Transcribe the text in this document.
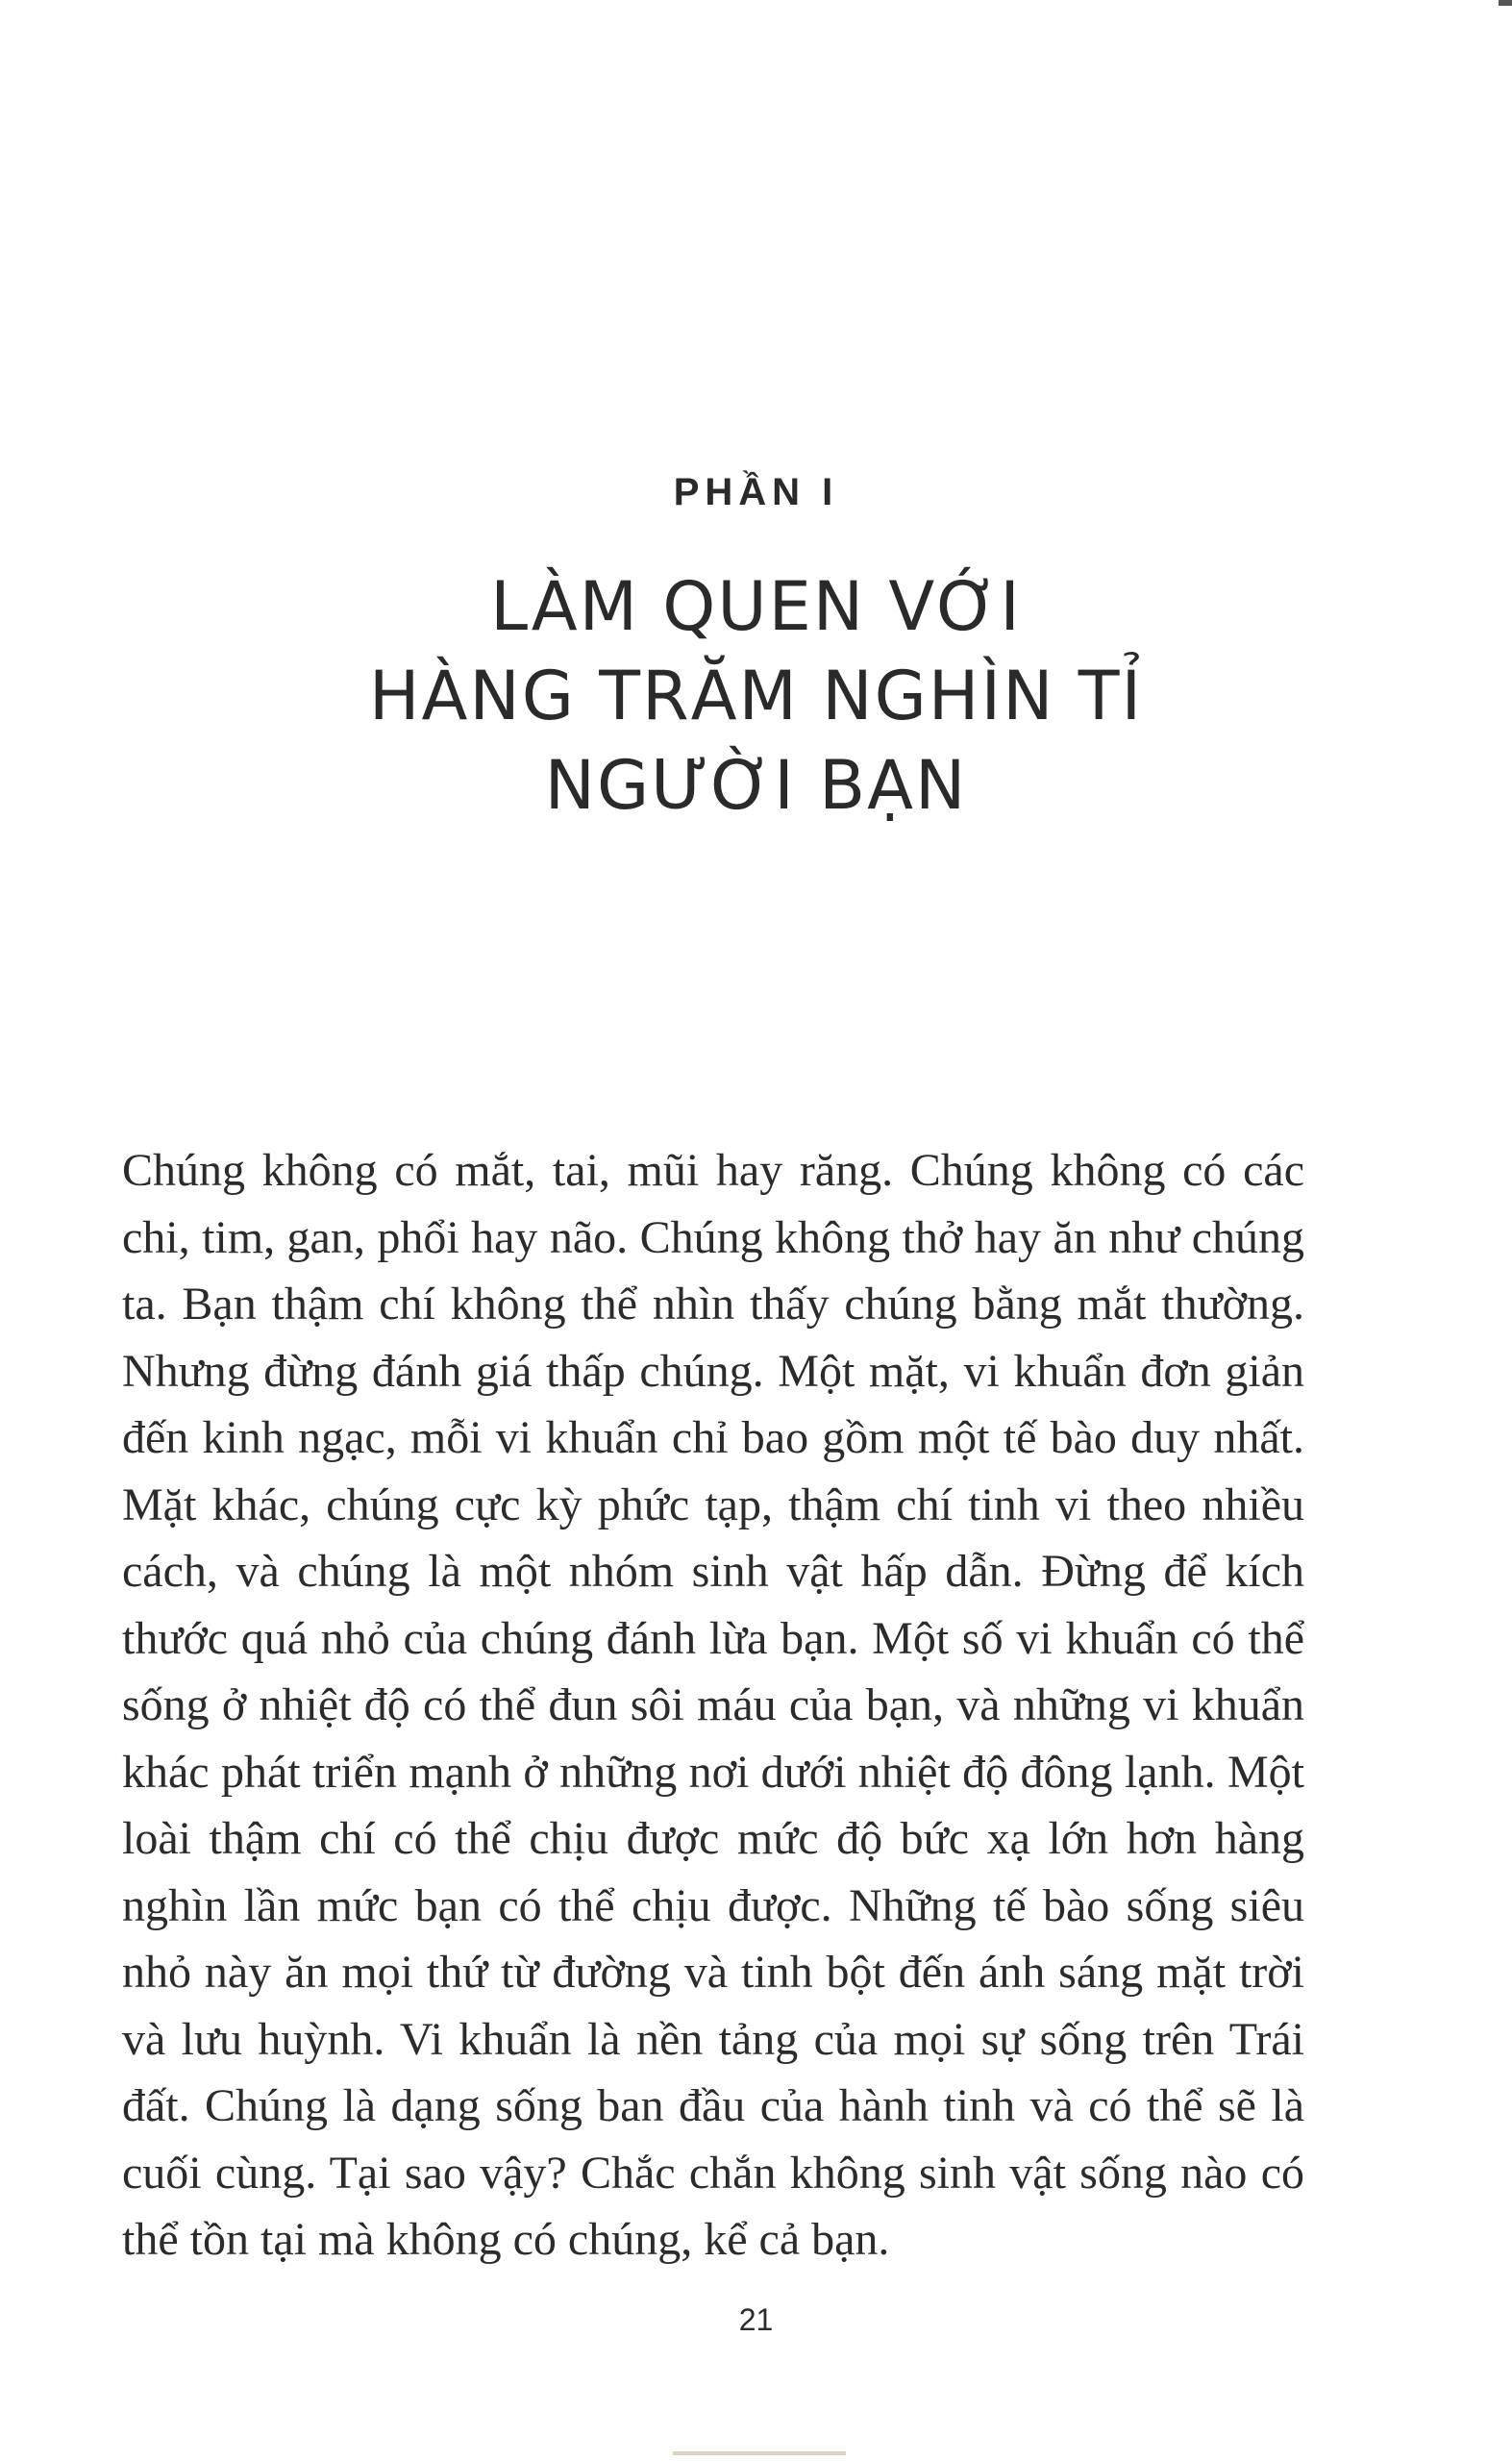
PHẦN I
LÀM QUEN VỚI
HÀNG TRĂM NGHÌN TỈ
NGƯỜI BẠN

Chúng không có mắt, tai, mũi hay răng. Chúng không có các chi, tim, gan, phổi hay não. Chúng không thở hay ăn như chúng ta. Bạn thậm chí không thể nhìn thấy chúng bằng mắt thường. Nhưng đừng đánh giá thấp chúng. Một mặt, vi khuẩn đơn giản đến kinh ngạc, mỗi vi khuẩn chỉ bao gồm một tế bào duy nhất. Mặt khác, chúng cực kỳ phức tạp, thậm chí tinh vi theo nhiều cách, và chúng là một nhóm sinh vật hấp dẫn. Đừng để kích thước quá nhỏ của chúng đánh lừa bạn. Một số vi khuẩn có thể sống ở nhiệt độ có thể đun sôi máu của bạn, và những vi khuẩn khác phát triển mạnh ở những nơi dưới nhiệt độ đông lạnh. Một loài thậm chí có thể chịu được mức độ bức xạ lớn hơn hàng nghìn lần mức bạn có thể chịu được. Những tế bào sống siêu nhỏ này ăn mọi thứ từ đường và tinh bột đến ánh sáng mặt trời và lưu huỳnh. Vi khuẩn là nền tảng của mọi sự sống trên Trái đất. Chúng là dạng sống ban đầu của hành tinh và có thể sẽ là cuối cùng. Tại sao vậy? Chắc chắn không sinh vật sống nào có thể tồn tại mà không có chúng, kể cả bạn.

21
